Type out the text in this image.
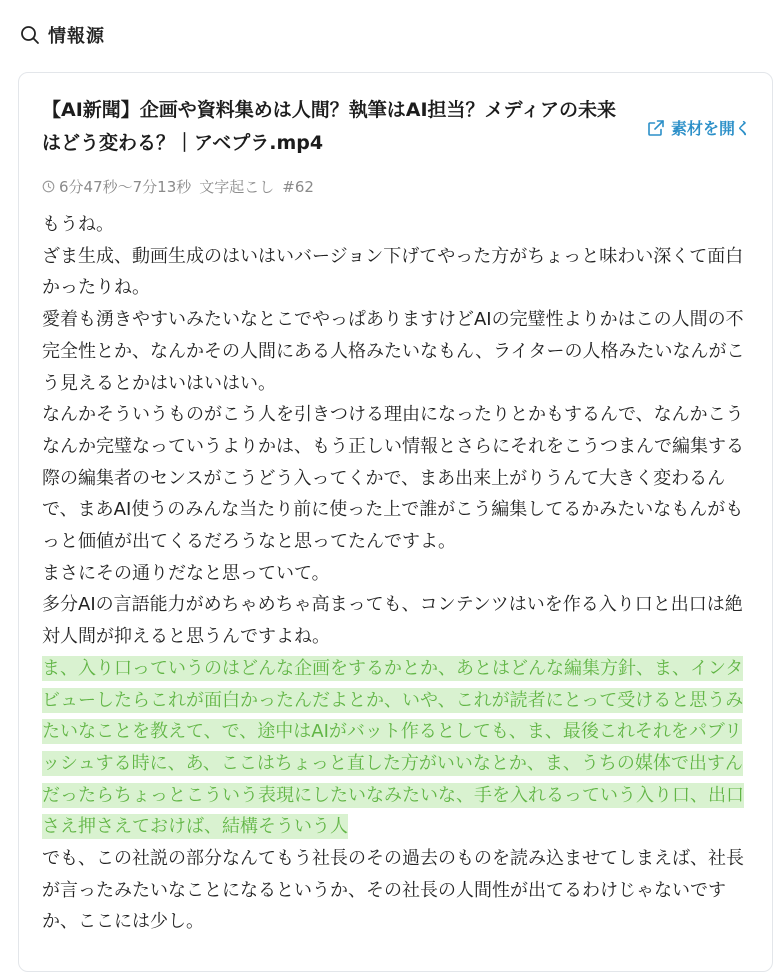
情報源
【AI新聞】企画や資料集めは人間？執筆はAI担当？メディアの未来はどう変わる？｜アベプラ.mp4
素材を開く
6分47秒〜7分13秒 文字起こし #62

もうね。

ざま生成、動画生成のはいはいバージョン下げてやった方がちょっと味わい深くて面白かったりね。

愛着も湧きやすいみたいなとこでやっぱありますけどAIの完璧性よりかはこの人間の不完全性とか、なんかその人間にある人格みたいなもん、ライターの人格みたいなんがこう見えるとかはいはいはい。

なんかそういうものがこう人を引きつける理由になったりとかもするんで、なんかこうなんか完璧なっていうよりかは、もう正しい情報とさらにそれをこうつまんで編集する際の編集者のセンスがこうどう入ってくかで、まあ出来上がりうんて大きく変わるんで、まあAI使うのみんな当たり前に使った上で誰がこう編集してるかみたいなもんがもっと価値が出てくるだろうなと思ってたんですよ。

まさにその通りだなと思っていて。

多分AIの言語能力がめちゃめちゃ高まっても、コンテンツはいを作る入り口と出口は絶対人間が抑えると思うんですよね。

ま、入り口っていうのはどんな企画をするかとか、あとはどんな編集方針、ま、インタビューしたらこれが面白かったんだよとか、いや、これが読者にとって受けると思うみたいなことを教えて、で、途中はAIがバット作るとしても、ま、最後これそれをパブリッシュする時に、あ、ここはちょっと直した方がいいなとか、ま、うちの媒体で出すんだったらちょっとこういう表現にしたいなみたいな、手を入れるっていう入り口、出口さえ押さえておけば、結構そういう人

でも、この社説の部分なんてもう社長のその過去のものを読み込ませてしまえば、社長が言ったみたいなことになるというか、その社長の人間性が出てるわけじゃないですか、ここには少し。
